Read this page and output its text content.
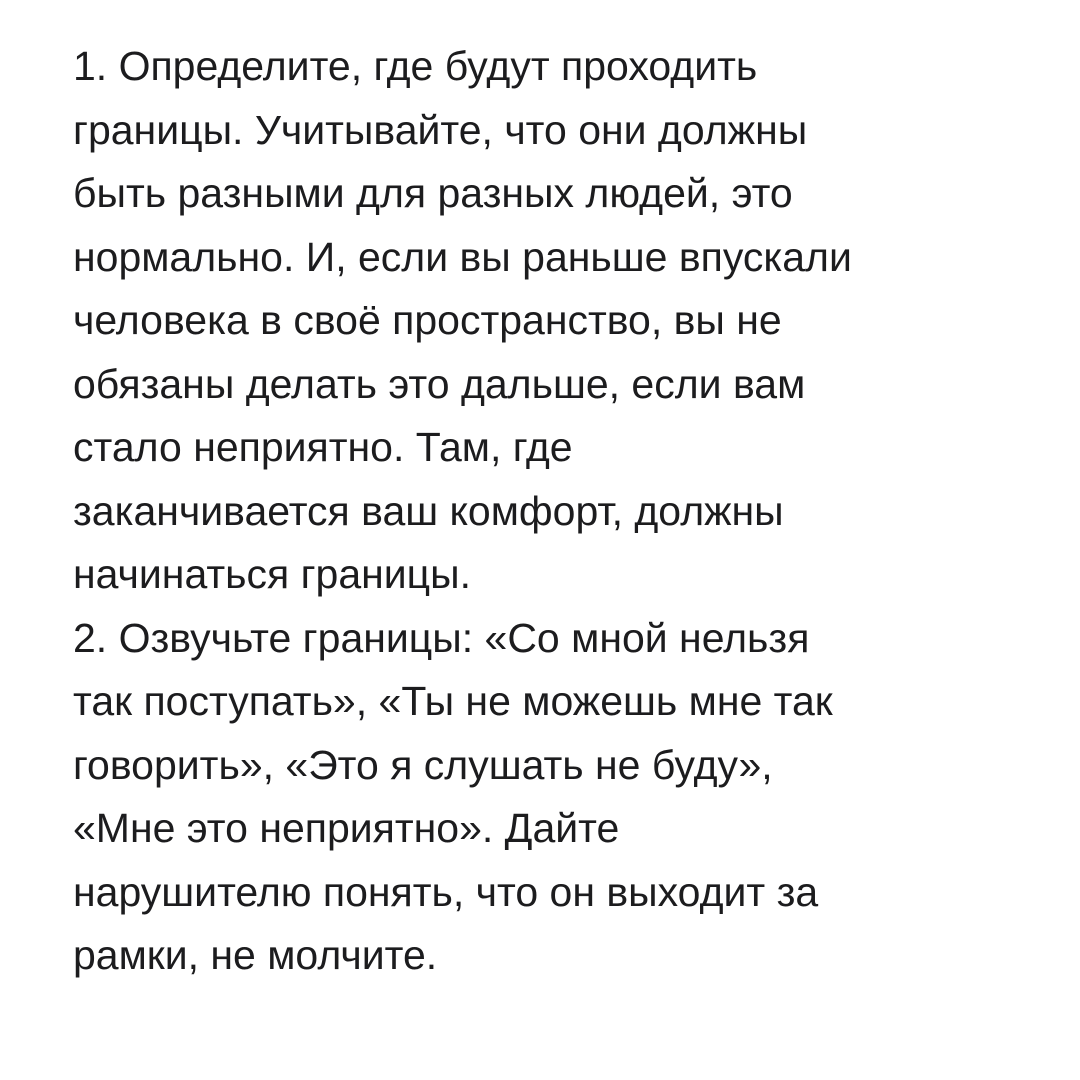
1. Определите, где будут проходить
границы. Учитывайте, что они должны
быть разными для разных людей, это
нормально. И, если вы раньше впускали
человека в своё пространство, вы не
обязаны делать это дальше, если вам
стало неприятно. Там, где
заканчивается ваш комфорт, должны
начинаться границы.
2. Озвучьте границы: «Со мной нельзя
так поступать», «Ты не можешь мне так
говорить», «Это я слушать не буду»,
«Мне это неприятно». Дайте
нарушителю понять, что он выходит за
рамки, не молчите.
